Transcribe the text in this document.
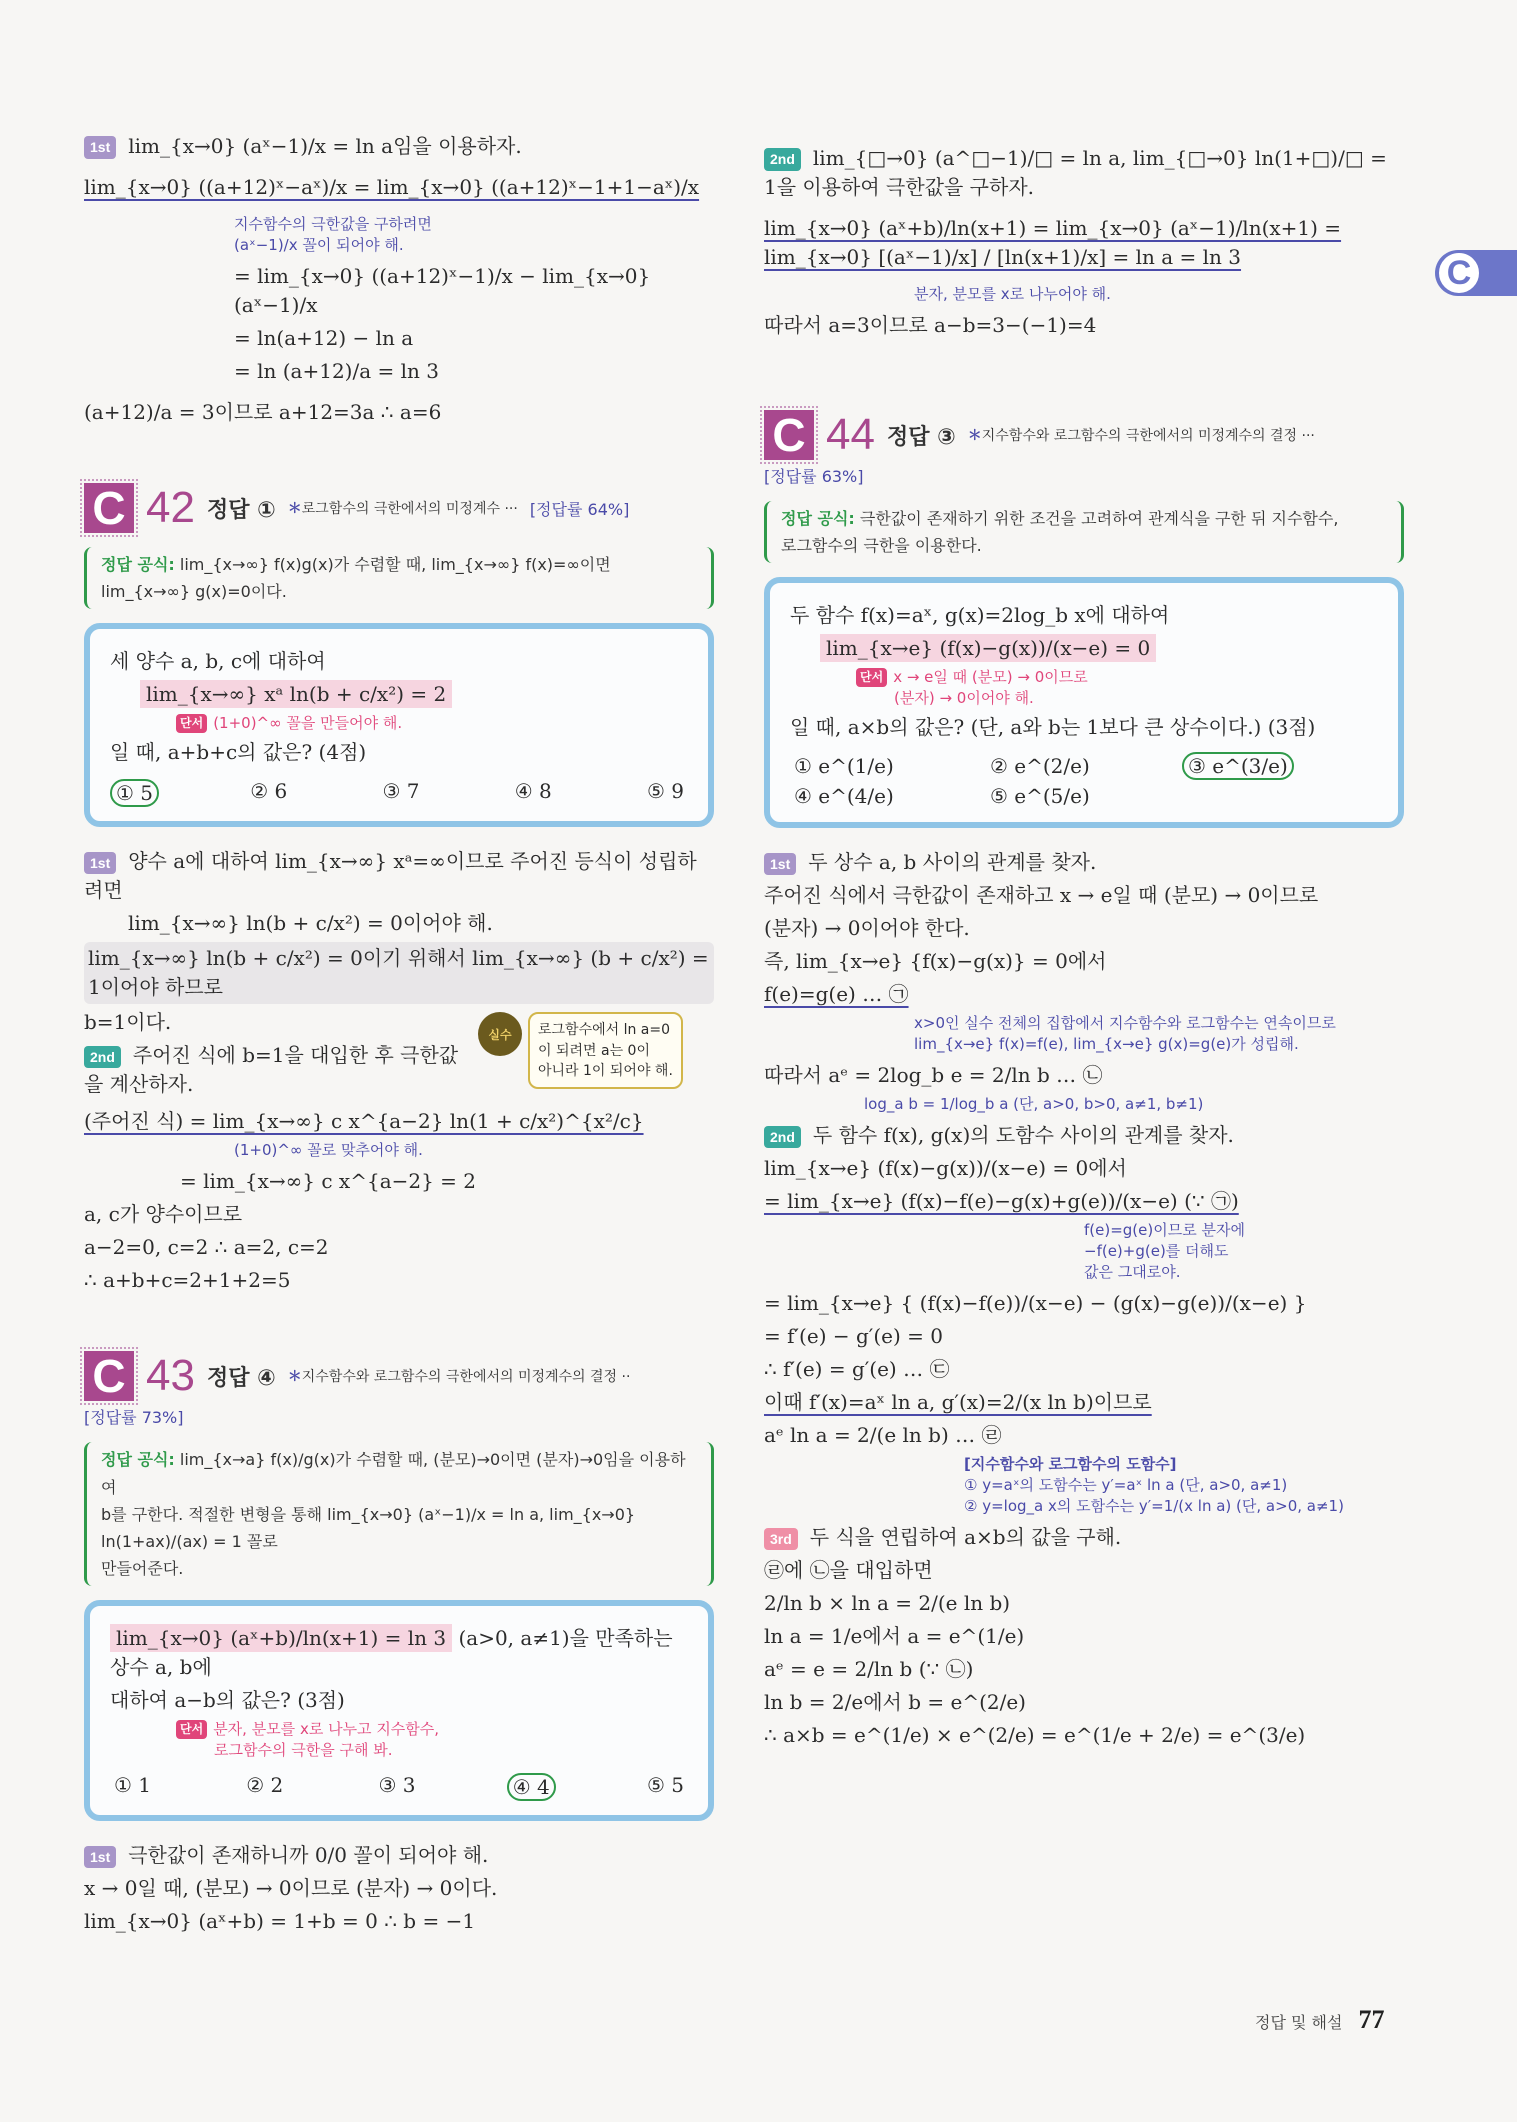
C
1st lim_{x→0} (aˣ−1)/x = ln a임을 이용하자.
lim_{x→0} ((a+12)ˣ−aˣ)/x = lim_{x→0} ((a+12)ˣ−1+1−aˣ)/x
지수함수의 극한값을 구하려면
(aˣ−1)/x 꼴이 되어야 해.
= lim_{x→0} ((a+12)ˣ−1)/x − lim_{x→0} (aˣ−1)/x
= ln(a+12) − ln a
= ln (a+12)/a = ln 3
(a+12)/a = 3이므로 a+12=3a ∴ a=6
C 42 정답 ① ＊로그함수의 극한에서의 미정계수 ··· [정답률 64%]
정답 공식: lim_{x→∞} f(x)g(x)가 수렴할 때, lim_{x→∞} f(x)=∞이면 lim_{x→∞} g(x)=0이다.
세 양수 a, b, c에 대하여
lim_{x→∞} xᵃ ln(b + c/x²) = 2
단서 (1+0)^∞ 꼴을 만들어야 해.
일 때, a+b+c의 값은? (4점)
① 5	② 6	③ 7	④ 8	⑤ 9
1st 양수 a에 대하여 lim_{x→∞} xᵃ=∞이므로 주어진 등식이 성립하려면
lim_{x→∞} ln(b + c/x²) = 0이어야 해.
lim_{x→∞} ln(b + c/x²) = 0이기 위해서 lim_{x→∞} (b + c/x²) = 1이어야 하므로
실수	로그함수에서 ln a=0
이 되려면 a는 0이
아니라 1이 되어야 해.
b=1이다.
2nd 주어진 식에 b=1을 대입한 후 극한값을 계산하자.
(주어진 식) = lim_{x→∞} c x^{a−2} ln(1 + c/x²)^{x²/c}
(1+0)^∞ 꼴로 맞추어야 해.
= lim_{x→∞} c x^{a−2} = 2
a, c가 양수이므로
a−2=0, c=2 ∴ a=2, c=2
∴ a+b+c=2+1+2=5
C 43 정답 ④ ＊지수함수와 로그함수의 극한에서의 미정계수의 결정 ··
[정답률 73%]
정답 공식: lim_{x→a} f(x)/g(x)가 수렴할 때, (분모)→0이면 (분자)→0임을 이용하여
b를 구한다. 적절한 변형을 통해 lim_{x→0} (aˣ−1)/x = ln a, lim_{x→0} ln(1+ax)/(ax) = 1 꼴로
만들어준다.
lim_{x→0} (aˣ+b)/ln(x+1) = ln 3 (a>0, a≠1)을 만족하는 상수 a, b에
대하여 a−b의 값은? (3점)
단서 분자, 분모를 x로 나누고 지수함수,
로그함수의 극한을 구해 봐.
① 1	② 2	③ 3	④ 4	⑤ 5
1st 극한값이 존재하니까 0/0 꼴이 되어야 해.
x → 0일 때, (분모) → 0이므로 (분자) → 0이다.
lim_{x→0} (aˣ+b) = 1+b = 0 ∴ b = −1
2nd lim_{□→0} (a^□−1)/□ = ln a, lim_{□→0} ln(1+□)/□ = 1을 이용하여 극한값을 구하자.
lim_{x→0} (aˣ+b)/ln(x+1) = lim_{x→0} (aˣ−1)/ln(x+1) = lim_{x→0} [(aˣ−1)/x] / [ln(x+1)/x] = ln a = ln 3
분자, 분모를 x로 나누어야 해.
따라서 a=3이므로 a−b=3−(−1)=4
C 44 정답 ③ ＊지수함수와 로그함수의 극한에서의 미정계수의 결정 ···
[정답률 63%]
정답 공식: 극한값이 존재하기 위한 조건을 고려하여 관계식을 구한 뒤 지수함수,
로그함수의 극한을 이용한다.
두 함수 f(x)=aˣ, g(x)=2log_b x에 대하여
lim_{x→e} (f(x)−g(x))/(x−e) = 0
단서 x → e일 때 (분모) → 0이므로
(분자) → 0이어야 해.
일 때, a×b의 값은? (단, a와 b는 1보다 큰 상수이다.) (3점)
① e^(1/e)	② e^(2/e)	③ e^(3/e)
④ e^(4/e)	⑤ e^(5/e)
1st 두 상수 a, b 사이의 관계를 찾자.
주어진 식에서 극한값이 존재하고 x → e일 때 (분모) → 0이므로
(분자) → 0이어야 한다.
즉, lim_{x→e} {f(x)−g(x)} = 0에서
f(e)=g(e) … ㉠
x>0인 실수 전체의 집합에서 지수함수와 로그함수는 연속이므로
lim_{x→e} f(x)=f(e), lim_{x→e} g(x)=g(e)가 성립해.
따라서 aᵉ = 2log_b e = 2/ln b … ㉡
log_a b = 1/log_b a (단, a>0, b>0, a≠1, b≠1)
2nd 두 함수 f(x), g(x)의 도함수 사이의 관계를 찾자.
lim_{x→e} (f(x)−g(x))/(x−e) = 0에서
= lim_{x→e} (f(x)−f(e)−g(x)+g(e))/(x−e) (∵ ㉠)
f(e)=g(e)이므로 분자에
−f(e)+g(e)를 더해도
값은 그대로야.
= lim_{x→e} { (f(x)−f(e))/(x−e) − (g(x)−g(e))/(x−e) }
= f′(e) − g′(e) = 0
∴ f′(e) = g′(e) … ㉢
이때 f′(x)=aˣ ln a, g′(x)=2/(x ln b)이므로
aᵉ ln a = 2/(e ln b) … ㉣
[지수함수와 로그함수의 도함수]
① y=aˣ의 도함수는 y′=aˣ ln a (단, a>0, a≠1)
② y=log_a x의 도함수는 y′=1/(x ln a) (단, a>0, a≠1)
3rd 두 식을 연립하여 a×b의 값을 구해.
㉣에 ㉡을 대입하면
2/ln b × ln a = 2/(e ln b)
ln a = 1/e에서 a = e^(1/e)
aᵉ = e = 2/ln b (∵ ㉡)
ln b = 2/e에서 b = e^(2/e)
∴ a×b = e^(1/e) × e^(2/e) = e^(1/e + 2/e) = e^(3/e)
정답 및 해설 77
